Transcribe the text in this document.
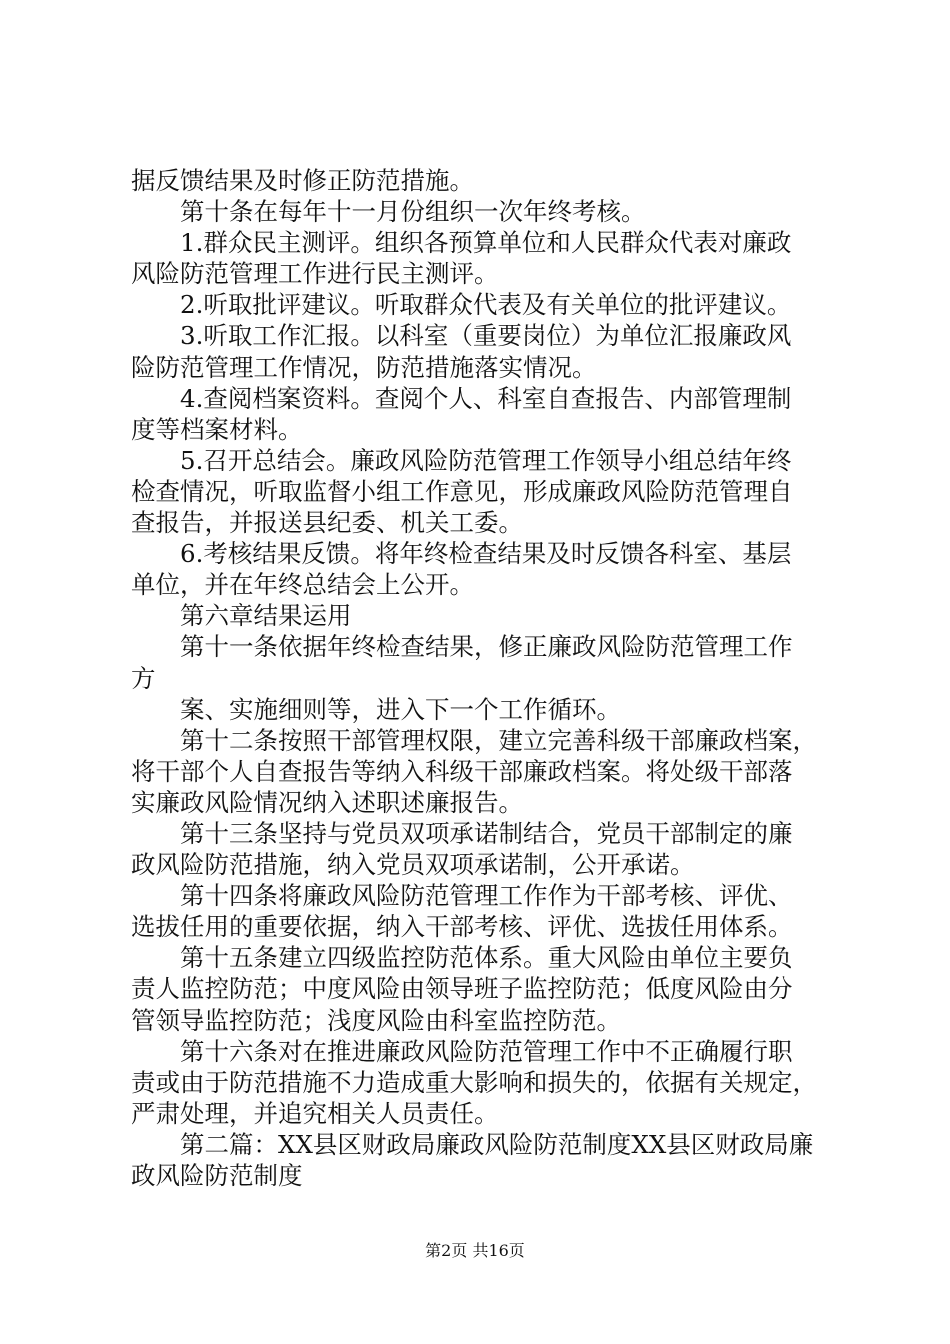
据反馈结果及时修正防范措施。
第十条在每年十一月份组织一次年终考核。
1.群众民主测评。组织各预算单位和人民群众代表对廉政
风险防范管理工作进行民主测评。
2.听取批评建议。听取群众代表及有关单位的批评建议。
3.听取工作汇报。以科室（重要岗位）为单位汇报廉政风
险防范管理工作情况，防范措施落实情况。
4.查阅档案资料。查阅个人、科室自查报告、内部管理制
度等档案材料。
5.召开总结会。廉政风险防范管理工作领导小组总结年终
检查情况，听取监督小组工作意见，形成廉政风险防范管理自
查报告，并报送县纪委、机关工委。
6.考核结果反馈。将年终检查结果及时反馈各科室、基层
单位，并在年终总结会上公开。
第六章结果运用
第十一条依据年终检查结果，修正廉政风险防范管理工作
方
案、实施细则等，进入下一个工作循环。
第十二条按照干部管理权限，建立完善科级干部廉政档案，
将干部个人自查报告等纳入科级干部廉政档案。将处级干部落
实廉政风险情况纳入述职述廉报告。
第十三条坚持与党员双项承诺制结合，党员干部制定的廉
政风险防范措施，纳入党员双项承诺制，公开承诺。
第十四条将廉政风险防范管理工作作为干部考核、评优、
选拔任用的重要依据，纳入干部考核、评优、选拔任用体系。
第十五条建立四级监控防范体系。重大风险由单位主要负
责人监控防范；中度风险由领导班子监控防范；低度风险由分
管领导监控防范；浅度风险由科室监控防范。
第十六条对在推进廉政风险防范管理工作中不正确履行职
责或由于防范措施不力造成重大影响和损失的，依据有关规定，
严肃处理，并追究相关人员责任。
第二篇：XX县区财政局廉政风险防范制度XX县区财政局廉
政风险防范制度
第2页 共16页
